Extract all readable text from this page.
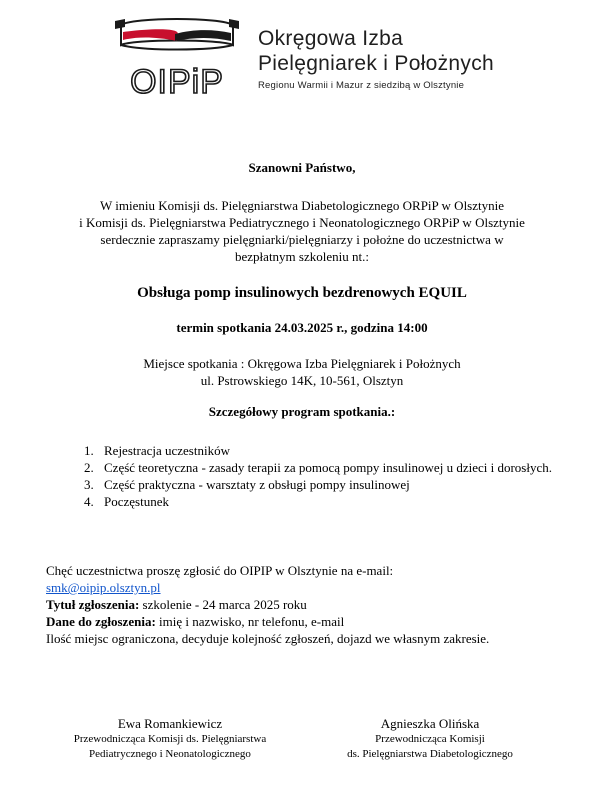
OIPiP
Okręgowa Izba
Pielęgniarek i Położnych
Regionu Warmii i Mazur z siedzibą w Olsztynie
Szanowni Państwo,
W imieniu Komisji ds. Pielęgniarstwa Diabetologicznego ORPiP w Olsztynie
i Komisji ds. Pielęgniarstwa Pediatrycznego i Neonatologicznego ORPiP w Olsztynie
serdecznie zapraszamy pielęgniarki/pielęgniarzy i położne do uczestnictwa w
bezpłatnym szkoleniu nt.:
Obsługa pomp insulinowych bezdrenowych EQUIL
termin spotkania 24.03.2025 r., godzina 14:00
Miejsce spotkania : Okręgowa Izba Pielęgniarek i Położnych
ul. Pstrowskiego 14K, 10-561, Olsztyn
Szczegółowy program spotkania.:
1. Rejestracja uczestników
2. Część teoretyczna - zasady terapii za pomocą pompy insulinowej u dzieci i dorosłych.
3. Część praktyczna - warsztaty z obsługi pompy insulinowej
4. Poczęstunek
Chęć uczestnictwa proszę zgłosić do OIPIP w Olsztynie na e-mail:
smk@oipip.olsztyn.pl
Tytuł zgłoszenia: szkolenie - 24 marca 2025 roku
Dane do zgłoszenia: imię i nazwisko, nr telefonu, e-mail
Ilość miejsc ograniczona, decyduje kolejność zgłoszeń, dojazd we własnym zakresie.
Ewa Romankiewicz
Przewodnicząca Komisji ds. Pielęgniarstwa
Pediatrycznego i Neonatologicznego
Agnieszka Olińska
Przewodnicząca Komisji
ds. Pielęgniarstwa Diabetologicznego
